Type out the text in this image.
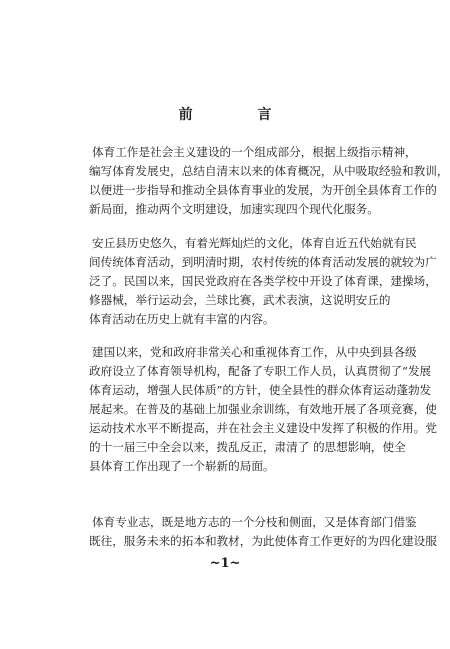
前 言
体育工作是社会主义建设的一个组成部分，根据上级指示精神，
编写体育发展史，总结自清末以来的体育概况，从中吸取经验和教训，
以便进一步指导和推动全县体育事业的发展，为开创全县体育工作的
新局面，推动两个文明建设，加速实现四个现代化服务。
安丘县历史悠久，有着光辉灿烂的文化，体育自近五代始就有民
间传统体育活动，到明清时期，农村传统的体育活动发展的就较为广
泛了。民国以来，国民党政府在各类学校中开设了体育课，建操场，
修器械，举行运动会，兰球比赛，武术表演，这说明安丘的
体育活动在历史上就有丰富的内容。
建国以来，党和政府非常关心和重视体育工作，从中央到县各级
政府设立了体育领导机构，配备了专职工作人员，认真贯彻了“发展
体育运动，增强人民体质”的方针，使全县性的群众体育运动蓬勃发
展起来。在普及的基础上加强业余训练，有效地开展了各项竞赛，使
运动技术水平不断提高，并在社会主义建设中发挥了积极的作用。党
的十一届三中全会以来，拨乱反正，肃清了 的思想影响，使全
县体育工作出现了一个崭新的局面。
体育专业志，既是地方志的一个分枝和侧面，又是体育部门借鉴
既往，服务未来的拓本和教材，为此使体育工作更好的为四化建设服
~1~
